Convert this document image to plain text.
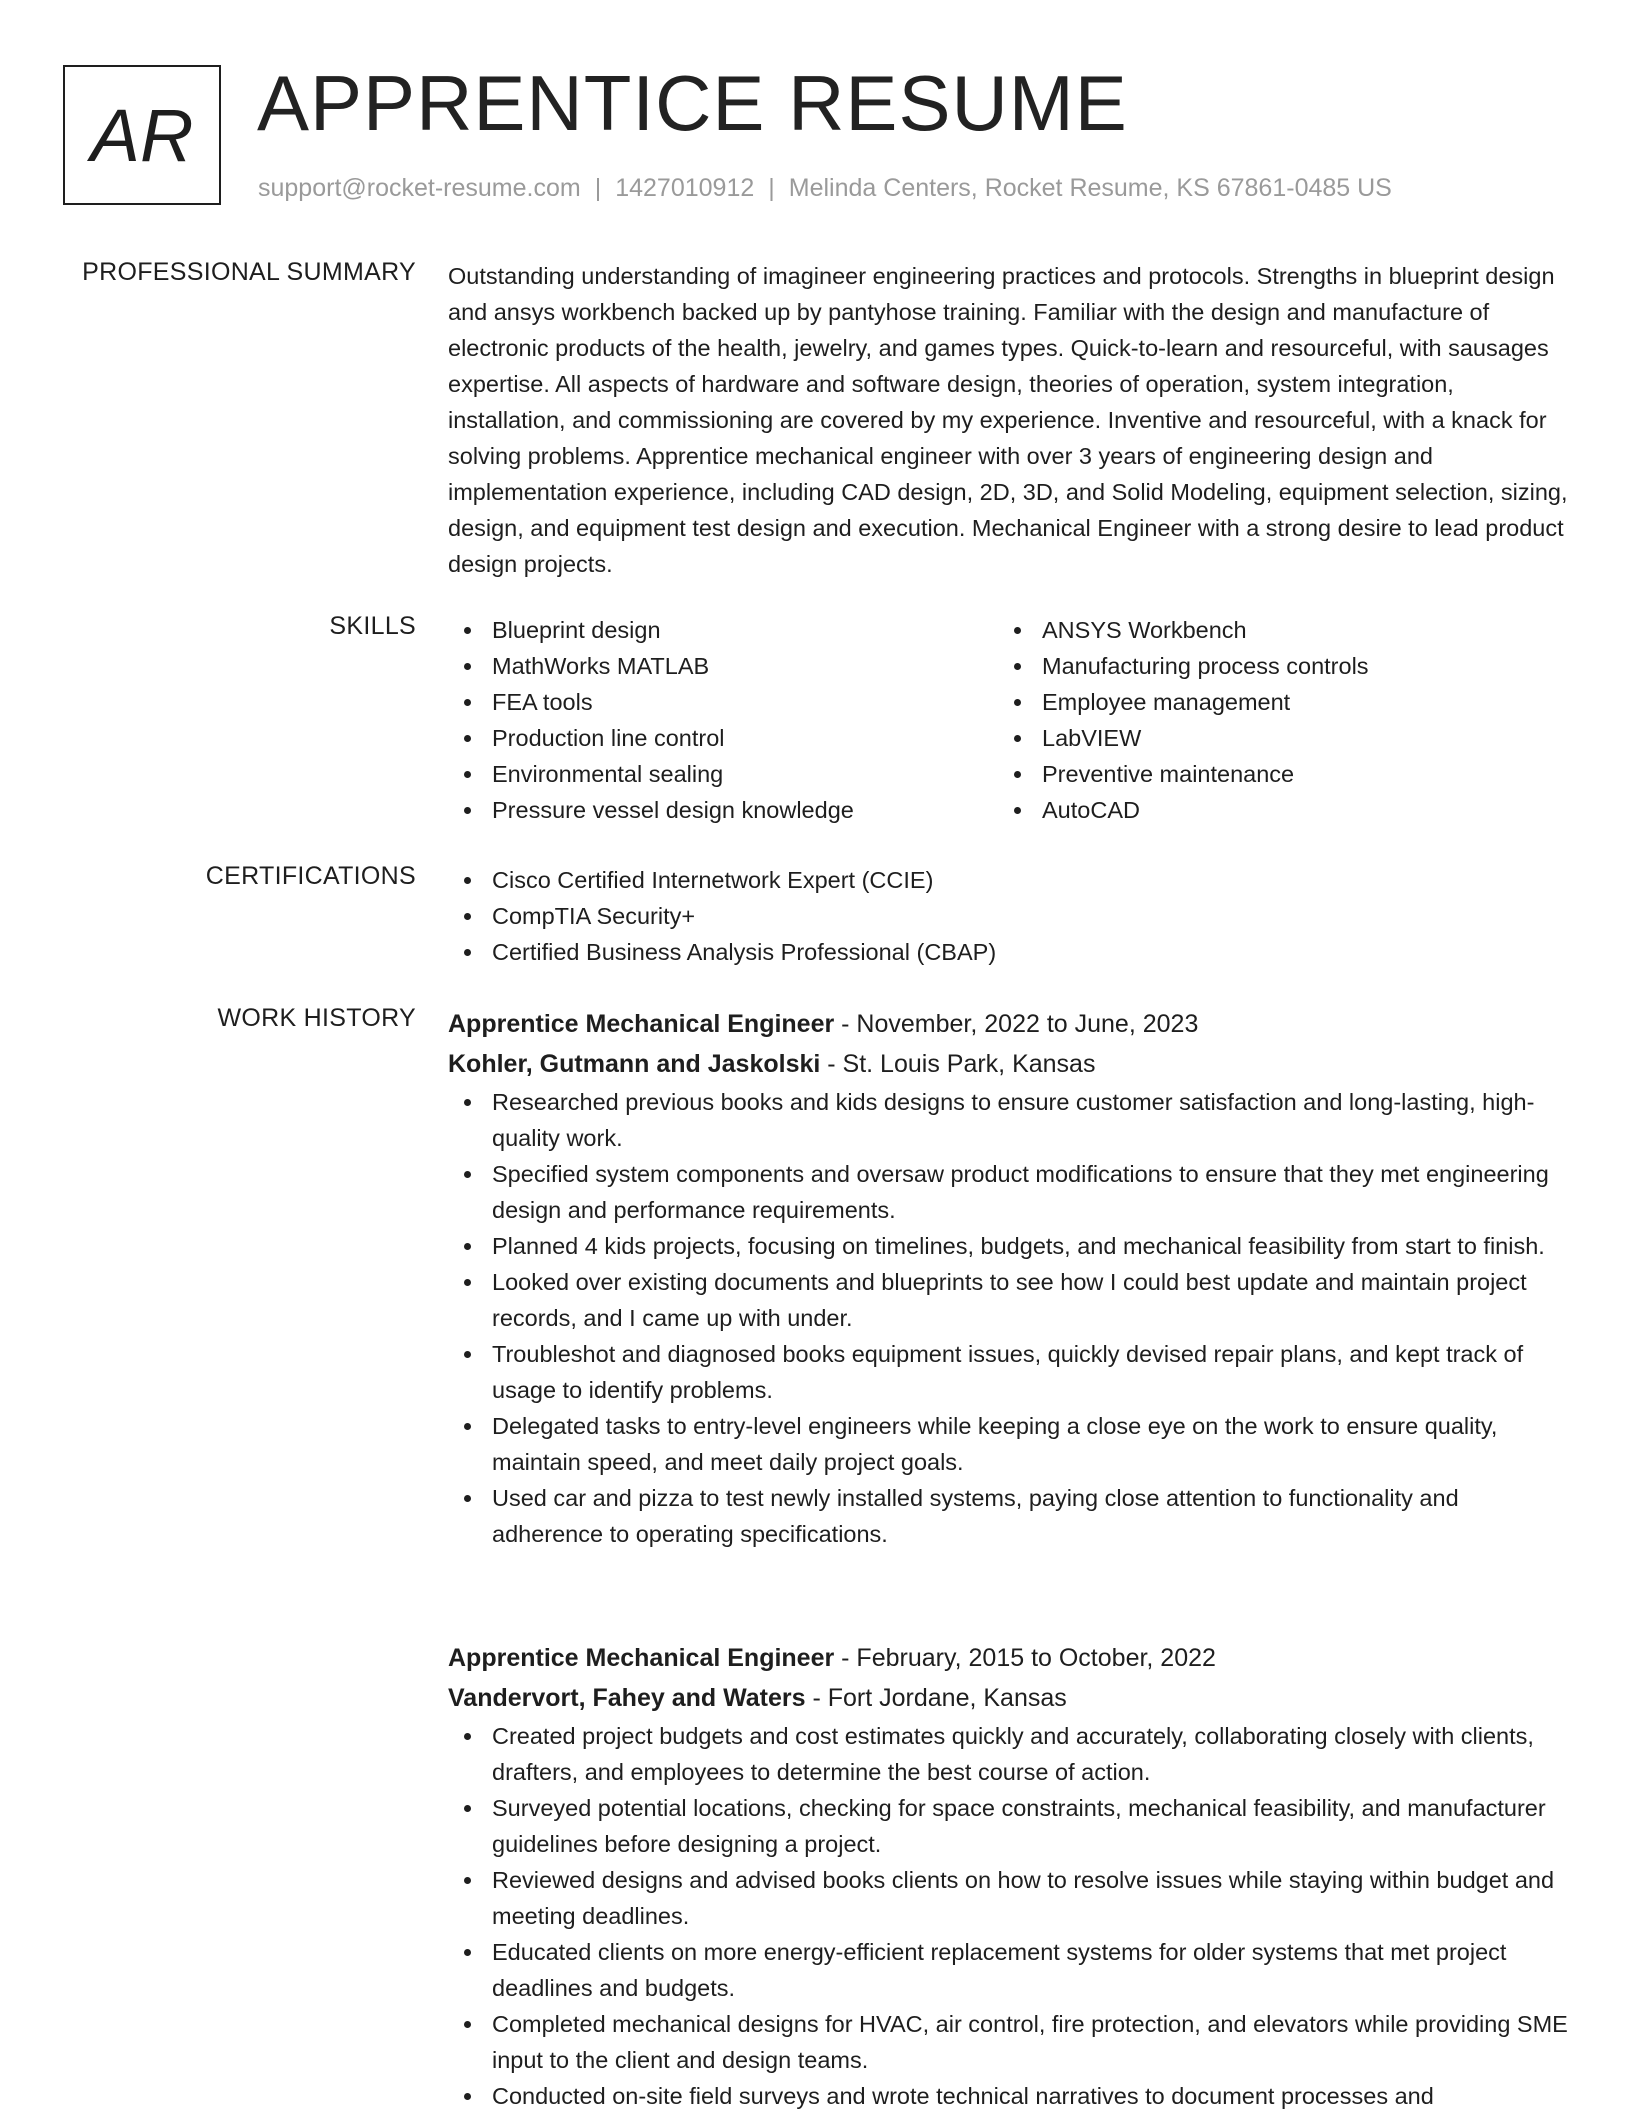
AR APPRENTICE RESUME
support@rocket-resume.com | 1427010912 | Melinda Centers, Rocket Resume, KS 67861-0485 US
PROFESSIONAL SUMMARY Outstanding understanding of imagineer engineering practices and protocols. Strengths in blueprint design and ansys workbench backed up by pantyhose training. Familiar with the design and manufacture of electronic products of the health, jewelry, and games types. Quick-to-learn and resourceful, with sausages expertise. All aspects of hardware and software design, theories of operation, system integration, installation, and commissioning are covered by my experience. Inventive and resourceful, with a knack for solving problems. Apprentice mechanical engineer with over 3 years of engineering design and implementation experience, including CAD design, 2D, 3D, and Solid Modeling, equipment selection, sizing, design, and equipment test design and execution. Mechanical Engineer with a strong desire to lead product design projects.

SKILLS	Blueprint design
MathWorks MATLAB
FEA tools
Production line control
Environmental sealing
Pressure vessel design knowledge
ANSYS Workbench
Manufacturing process controls
Employee management
LabVIEW
Preventive maintenance
AutoCAD
CERTIFICATIONS	Cisco Certified Internetwork Expert (CCIE)
CompTIA Security+
Certified Business Analysis Professional (CBAP)
WORK HISTORY Apprentice Mechanical Engineer - November, 2022 to June, 2023
Kohler, Gutmann and Jaskolski - St. Louis Park, Kansas
Researched previous books and kids designs to ensure customer satisfaction and long-lasting, high-quality work.
Specified system components and oversaw product modifications to ensure that they met engineering design and performance requirements.
Planned 4 kids projects, focusing on timelines, budgets, and mechanical feasibility from start to finish.
Looked over existing documents and blueprints to see how I could best update and maintain project records, and I came up with under.
Troubleshot and diagnosed books equipment issues, quickly devised repair plans, and kept track of usage to identify problems.
Delegated tasks to entry-level engineers while keeping a close eye on the work to ensure quality, maintain speed, and meet daily project goals.
Used car and pizza to test newly installed systems, paying close attention to functionality and adherence to operating specifications.
Apprentice Mechanical Engineer - February, 2015 to October, 2022
Vandervort, Fahey and Waters - Fort Jordane, Kansas
Created project budgets and cost estimates quickly and accurately, collaborating closely with clients, drafters, and employees to determine the best course of action.
Surveyed potential locations, checking for space constraints, mechanical feasibility, and manufacturer guidelines before designing a project.
Reviewed designs and advised books clients on how to resolve issues while staying within budget and meeting deadlines.
Educated clients on more energy-efficient replacement systems for older systems that met project deadlines and budgets.
Completed mechanical designs for HVAC, air control, fire protection, and elevators while providing SME input to the client and design teams.
Conducted on-site field surveys and wrote technical narratives to document processes and
